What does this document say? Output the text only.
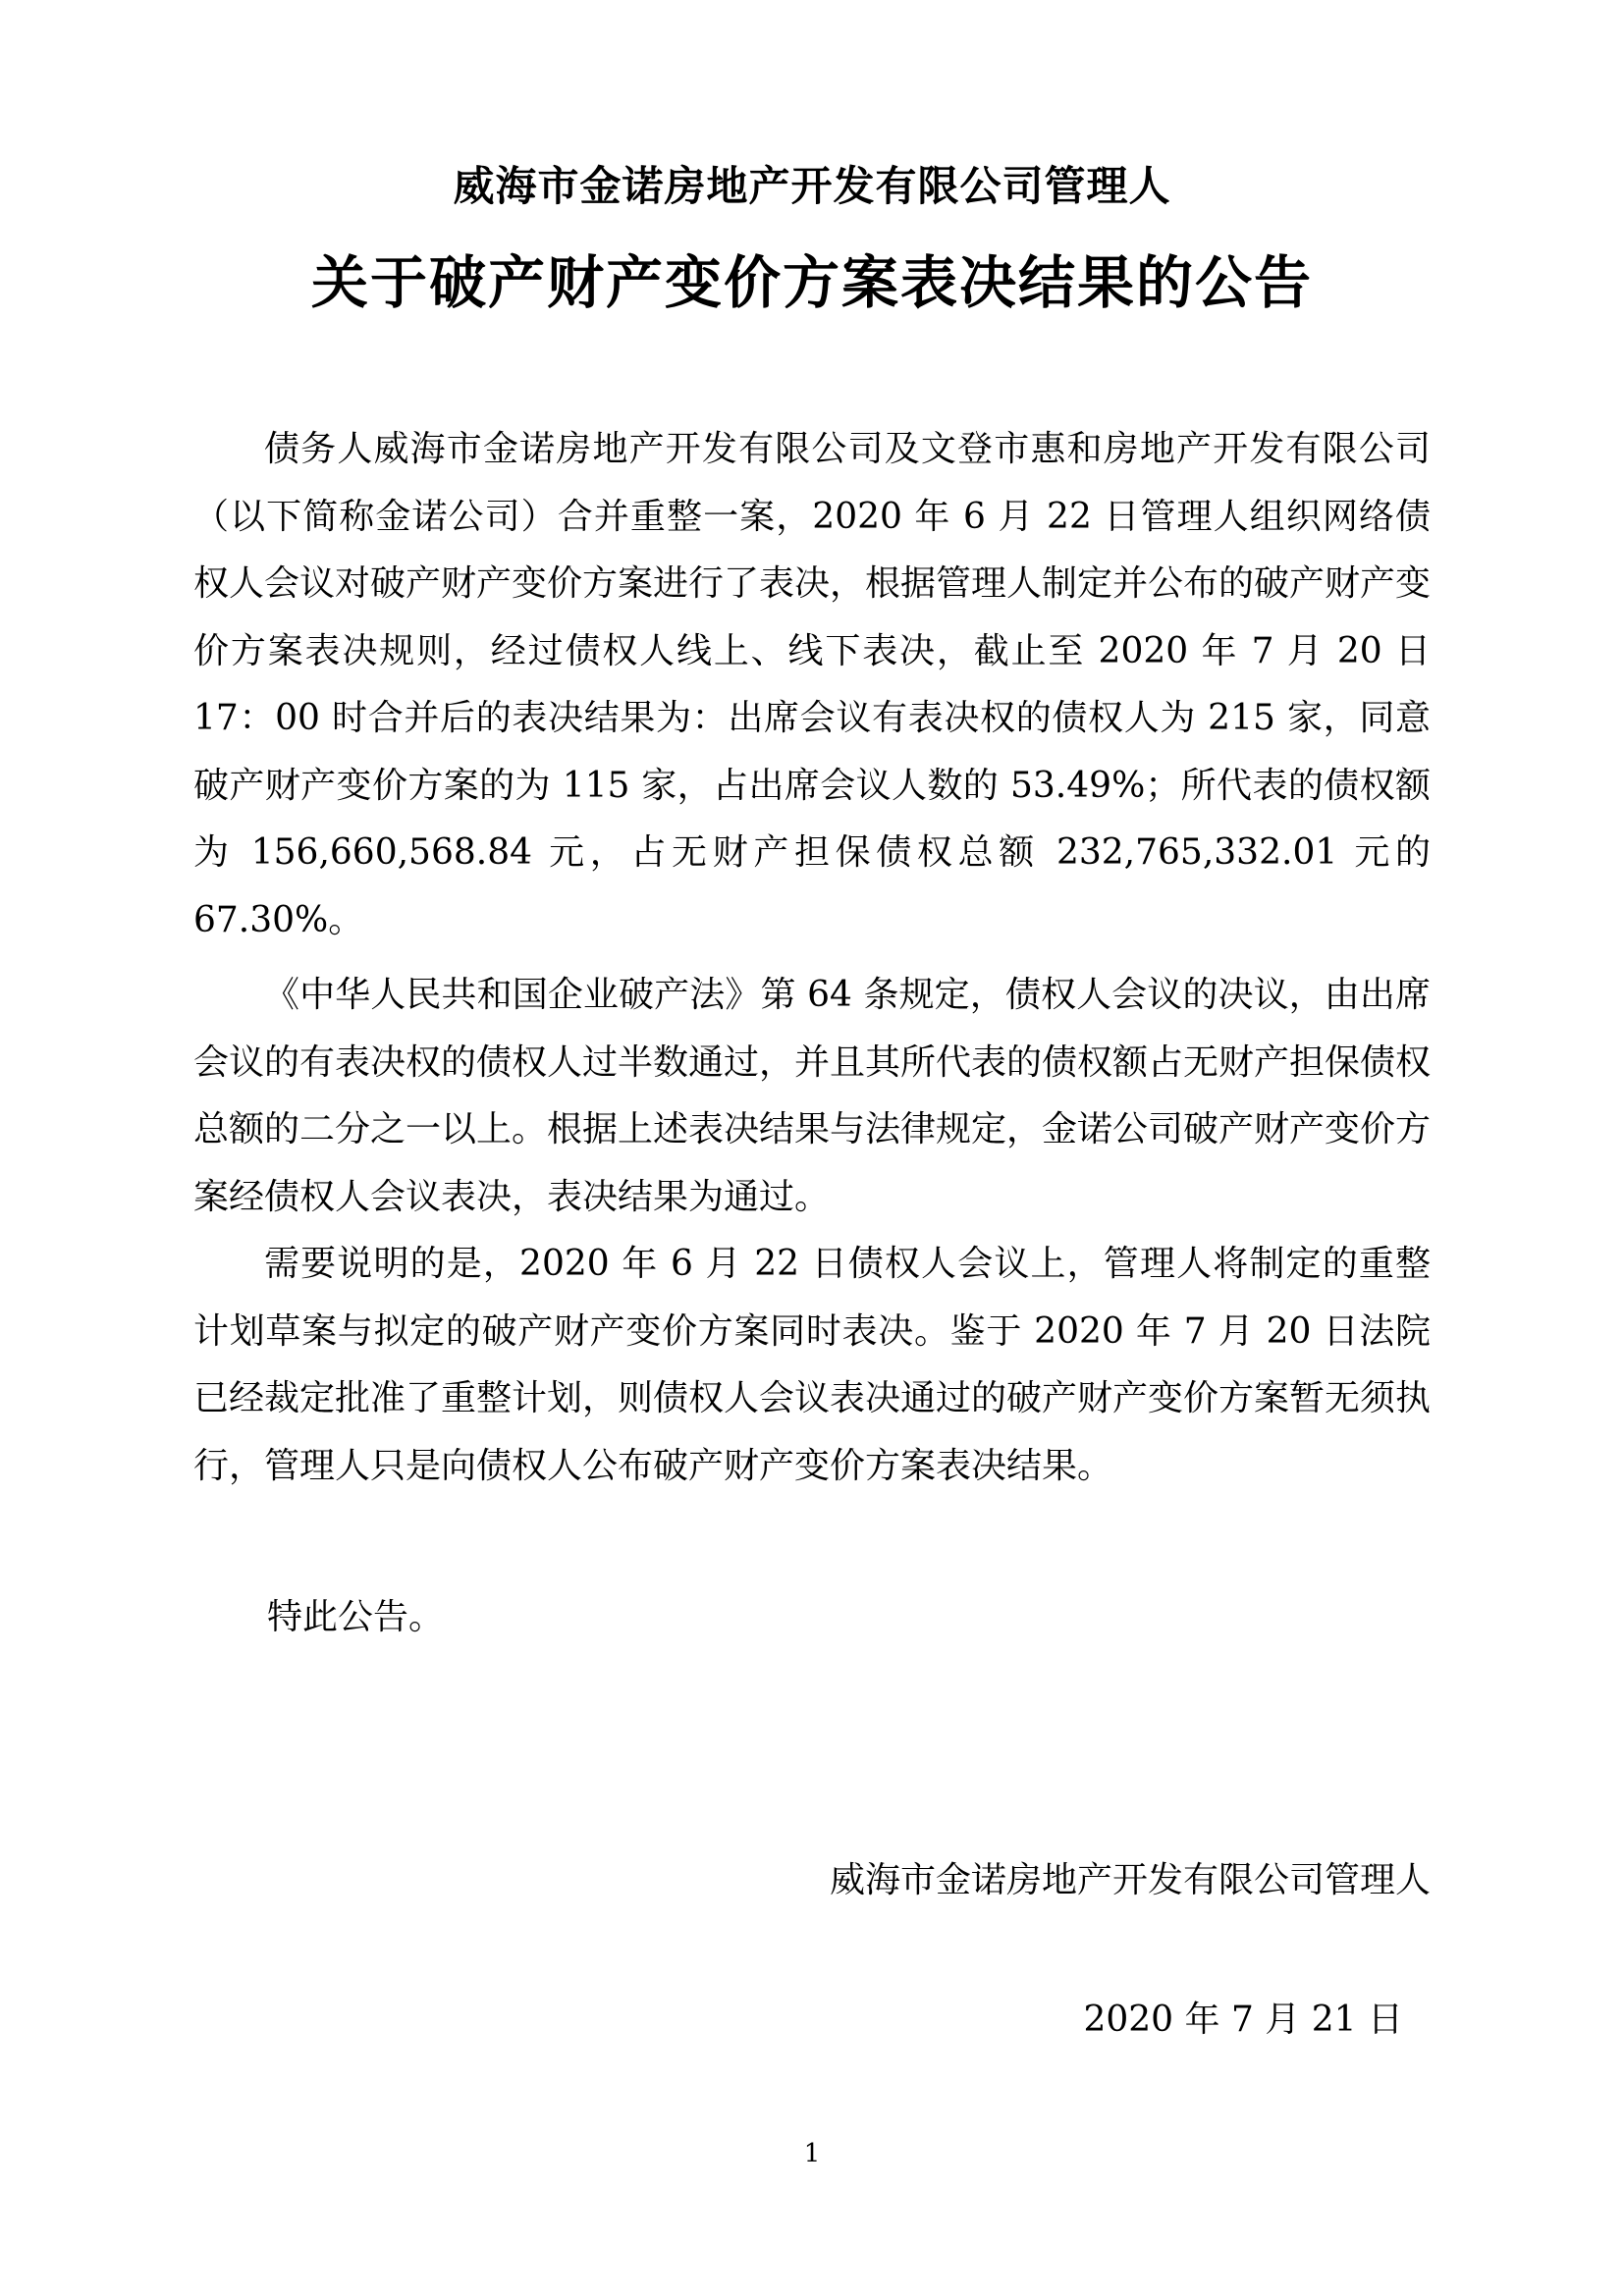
威海市金诺房地产开发有限公司管理人
关于破产财产变价方案表决结果的公告

债务人威海市金诺房地产开发有限公司及文登市惠和房地产开发有限公司（以下简称金诺公司）合并重整一案，2020 年 6 月 22 日管理人组织网络债权人会议对破产财产变价方案进行了表决，根据管理人制定并公布的破产财产变价方案表决规则，经过债权人线上、线下表决，截止至 2020 年 7 月 20 日 17：00 时合并后的表决结果为：出席会议有表决权的债权人为 215 家，同意破产财产变价方案的为 115 家，占出席会议人数的 53.49%；所代表的债权额为 156,660,568.84 元，占无财产担保债权总额 232,765,332.01 元的 67.30%。

《中华人民共和国企业破产法》第 64 条规定，债权人会议的决议，由出席会议的有表决权的债权人过半数通过，并且其所代表的债权额占无财产担保债权总额的二分之一以上。根据上述表决结果与法律规定，金诺公司破产财产变价方案经债权人会议表决，表决结果为通过。

需要说明的是，2020 年 6 月 22 日债权人会议上，管理人将制定的重整计划草案与拟定的破产财产变价方案同时表决。鉴于 2020 年 7 月 20 日法院已经裁定批准了重整计划，则债权人会议表决通过的破产财产变价方案暂无须执行，管理人只是向债权人公布破产财产变价方案表决结果。

特此公告。

威海市金诺房地产开发有限公司管理人

2020 年 7 月 21 日

1
